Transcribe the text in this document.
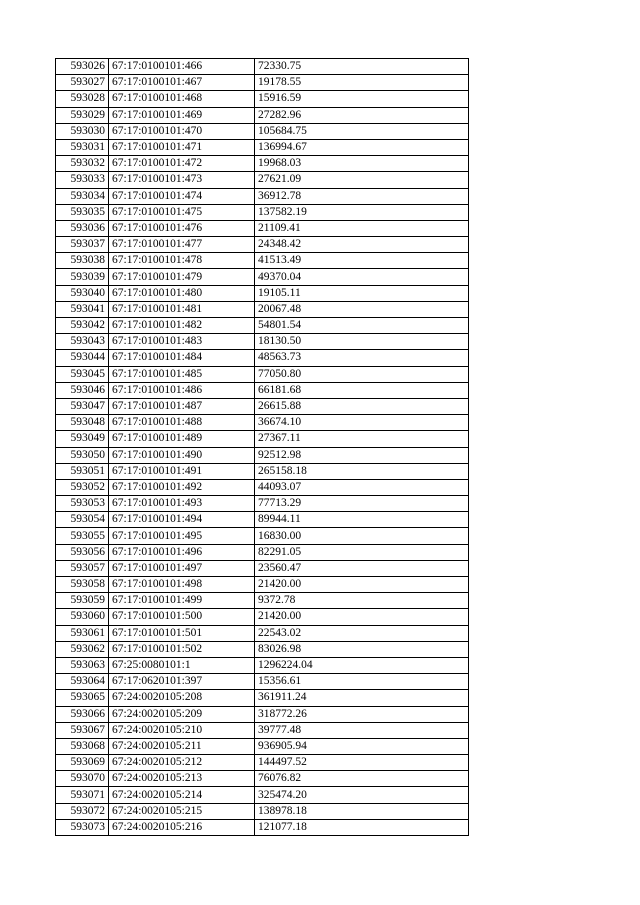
593026	67:17:0100101:466	72330.75
593027	67:17:0100101:467	19178.55
593028	67:17:0100101:468	15916.59
593029	67:17:0100101:469	27282.96
593030	67:17:0100101:470	105684.75
593031	67:17:0100101:471	136994.67
593032	67:17:0100101:472	19968.03
593033	67:17:0100101:473	27621.09
593034	67:17:0100101:474	36912.78
593035	67:17:0100101:475	137582.19
593036	67:17:0100101:476	21109.41
593037	67:17:0100101:477	24348.42
593038	67:17:0100101:478	41513.49
593039	67:17:0100101:479	49370.04
593040	67:17:0100101:480	19105.11
593041	67:17:0100101:481	20067.48
593042	67:17:0100101:482	54801.54
593043	67:17:0100101:483	18130.50
593044	67:17:0100101:484	48563.73
593045	67:17:0100101:485	77050.80
593046	67:17:0100101:486	66181.68
593047	67:17:0100101:487	26615.88
593048	67:17:0100101:488	36674.10
593049	67:17:0100101:489	27367.11
593050	67:17:0100101:490	92512.98
593051	67:17:0100101:491	265158.18
593052	67:17:0100101:492	44093.07
593053	67:17:0100101:493	77713.29
593054	67:17:0100101:494	89944.11
593055	67:17:0100101:495	16830.00
593056	67:17:0100101:496	82291.05
593057	67:17:0100101:497	23560.47
593058	67:17:0100101:498	21420.00
593059	67:17:0100101:499	9372.78
593060	67:17:0100101:500	21420.00
593061	67:17:0100101:501	22543.02
593062	67:17:0100101:502	83026.98
593063	67:25:0080101:1	1296224.04
593064	67:17:0620101:397	15356.61
593065	67:24:0020105:208	361911.24
593066	67:24:0020105:209	318772.26
593067	67:24:0020105:210	39777.48
593068	67:24:0020105:211	936905.94
593069	67:24:0020105:212	144497.52
593070	67:24:0020105:213	76076.82
593071	67:24:0020105:214	325474.20
593072	67:24:0020105:215	138978.18
593073	67:24:0020105:216	121077.18
